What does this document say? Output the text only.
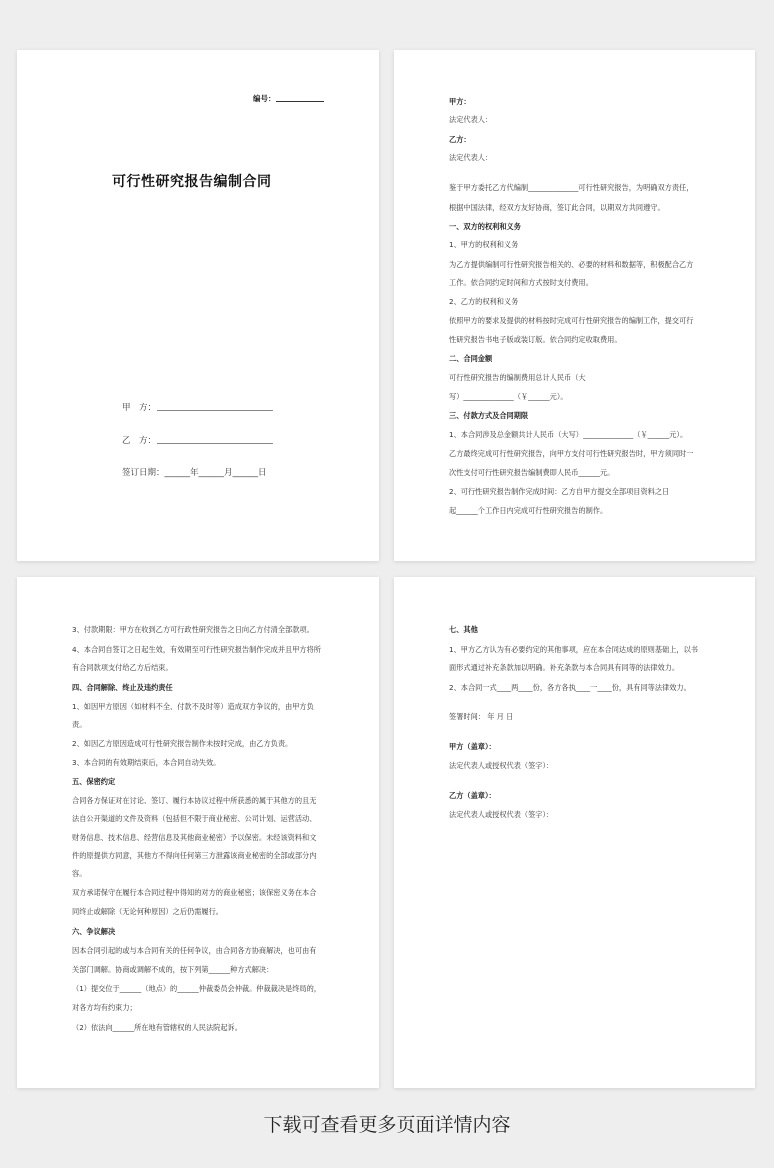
编号：
可行性研究报告编制合同
甲　方：
乙　方：
签订日期：______年______月______日
甲方：
法定代表人：
乙方：
法定代表人：
鉴于甲方委托乙方代编制______________可行性研究报告，为明确双方责任，
根据中国法律，经双方友好协商，签订此合同，以期双方共同遵守。
一、双方的权利和义务
1、甲方的权利和义务
为乙方提供编制可行性研究报告相关的、必要的材料和数据等，积极配合乙方
工作。依合同约定时间和方式按时支付费用。
2、乙方的权利和义务
依照甲方的要求及提供的材料按时完成可行性研究报告的编制工作，提交可行
性研究报告书电子版或装订版。依合同约定收取费用。
二、合同金额
可行性研究报告的编制费用总计人民币（大
写）______________（￥______元）。
三、付款方式及合同期限
1、本合同涉及总金额共计人民币（大写）______________（￥______元）。
乙方最终完成可行性研究报告，向甲方支付可行性研究报告时，甲方须同时一
次性支付可行性研究报告编制费即人民币______元。
2、可行性研究报告制作完成时间：乙方自甲方提交全部项目资料之日
起______个工作日内完成可行性研究报告的制作。
3、付款期限：甲方在收到乙方可行政性研究报告之日向乙方付清全部款项。
4、本合同自签订之日起生效，有效期至可行性研究报告制作完成并且甲方将所
有合同款项支付给乙方后结束。
四、合同解除、终止及违约责任
1、如因甲方原因（如材料不全、付款不及时等）造成双方争议的，由甲方负
责。
2、如因乙方原因造成可行性研究报告制作未按时完成，由乙方负责。
3、本合同的有效期结束后，本合同自动失效。
五、保密约定
合同各方保证对在讨论、签订、履行本协议过程中所获悉的属于其他方的且无
法自公开渠道的文件及资料（包括但不限于商业秘密、公司计划、运营活动、
财务信息、技术信息、经营信息及其他商业秘密）予以保密。未经该资料和文
件的原提供方同意，其他方不得向任何第三方泄露该商业秘密的全部或部分内
容。
双方承诺保守在履行本合同过程中得知的对方的商业秘密；该保密义务在本合
同终止或解除（无论何种原因）之后仍需履行。
六、争议解决
因本合同引起的或与本合同有关的任何争议，由合同各方协商解决，也可由有
关部门调解。协商或调解不成的，按下列第______种方式解决：
（1）提交位于______（地点）的______仲裁委员会仲裁。仲裁裁决是终局的，
对各方均有约束力；
（2）依法向______所在地有管辖权的人民法院起诉。
七、其他
1、甲方乙方认为有必要约定的其他事项，应在本合同达成的原则基础上，以书
面形式通过补充条款加以明确。补充条款与本合同具有同等的法律效力。
2、本合同一式____两____份，各方各执____一____份，具有同等法律效力。
签署时间： 年 月 日
甲方（盖章）：
法定代表人或授权代表（签字）：
乙方（盖章）：
法定代表人或授权代表（签字）：
下载可查看更多页面详情内容
